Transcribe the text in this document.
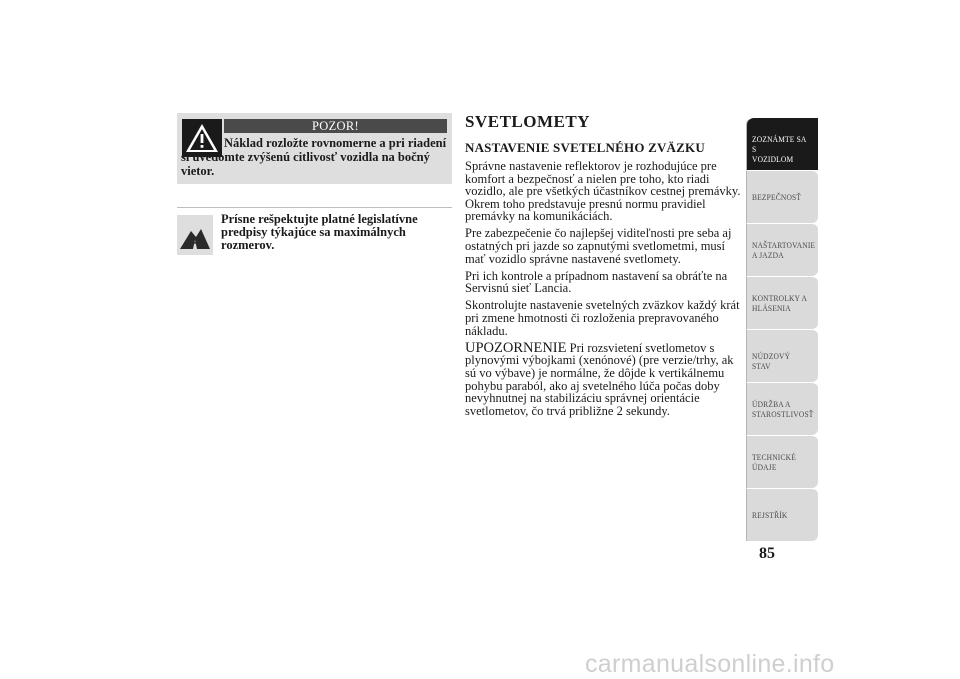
POZOR!

Náklad rozložte rovnomerne a pri riadení si uvedomte zvýšenú citlivosť vozidla na bočný vietor.

Prísne rešpektujte platné legislatívne predpisy týkajúce sa maximálnych rozmerov.

SVETLOMETY
NASTAVENIE SVETELNÉHO ZVÄZKU

Správne nastavenie reflektorov je rozhodujúce pre komfort a bezpečnosť a nielen pre toho, kto riadi vozidlo, ale pre všetkých účastníkov cestnej premávky. Okrem toho predstavuje presnú normu pravidiel premávky na komunikáciách.

Pre zabezpečenie čo najlepšej viditeľnosti pre seba aj ostatných pri jazde so zapnutými svetlometmi, musí mať vozidlo správne nastavené svetlomety.

Pri ich kontrole a prípadnom nastavení sa obráťte na Servisnú sieť Lancia.

Skontrolujte nastavenie svetelných zväzkov každý krát pri zmene hmotnosti či rozloženia prepravovaného nákladu.

UPOZORNENIE Pri rozsvietení svetlometov s plynovými výbojkami (xenónové) (pre verzie/trhy, ak sú vo výbave) je normálne, že dôjde k vertikálnemu pohybu paraból, ako aj svetelného lúča počas doby nevyhnutnej na stabilizáciu správnej orientácie svetlometov, čo trvá približne 2 sekundy.

ZOZNÁMTE SA S
VOZIDLOM
BEZPEČNOSŤ
NAŠTARTOVANIE
A JAZDA
KONTROLKY A
HLÁSENIA
NÚDZOVÝ STAV
ÚDRŽBA A
STAROSTLIVOSŤ
TECHNICKÉ
ÚDAJE
REJSTŘÍK
85

carmanualsonline.info
